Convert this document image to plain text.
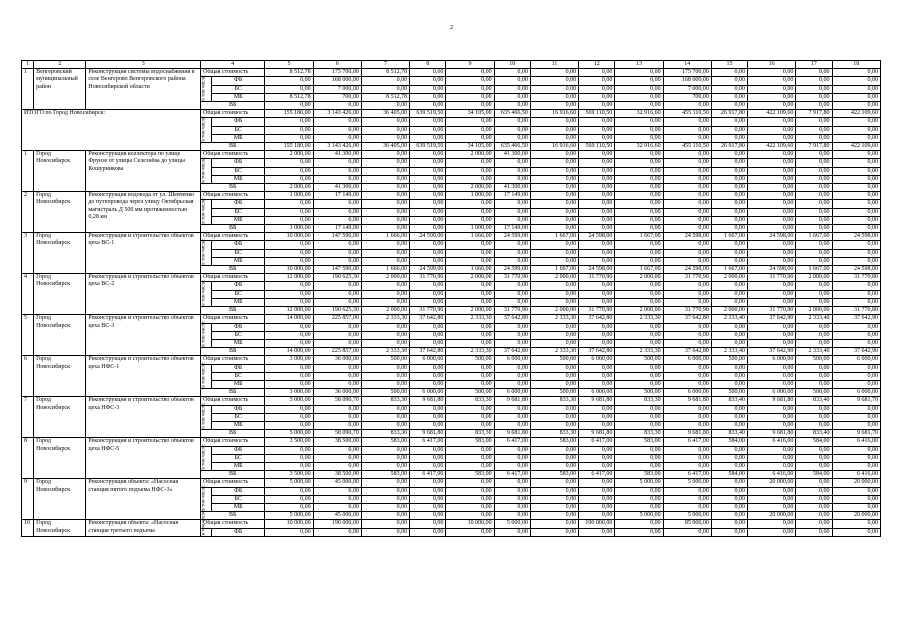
2
1	2	3	4		5	6	7	8	9	10	11	12	13	14	15	16	17	18
1	Венгеровский муниципальный район	Реконструкция системы водоснабжения в селе Венгерово Венгеровского района Новосибирской области	Общая стоимость		8 512,78	175 700,00	8 512,78	0,00	0,00	0,00	0,00	0,00	0,00	175 700,00	0,00	0,00	0,00	0,00
			в том числе:	ФБ	0,00	168 000,00	0,00	0,00	0,00	0,00	0,00	0,00	0,00	168 000,00	0,00	0,00	0,00	0,00
				БС	0,00	7 000,00	0,00	0,00	0,00	0,00	0,00	0,00	0,00	7 000,00	0,00	0,00	0,00	0,00
				МБ	8 512,78	700,00	8 512,78	0,00	0,00	0,00	0,00	0,00	0,00	700,00	0,00	0,00	0,00	0,00
			ВБ		0,00	0,00	0,00	0,00	0,00	0,00	0,00	0,00	0,00	0,00	0,00	0,00	0,00	0,00
ИТОГО по Город Новосибирск:			Общая стоимость		155 180,00	3 143 426,00	36 405,00	639 519,50	34 105,00	635 466,50	16 916,60	569 110,50	32 916,60	455 110,50	26 917,80	422 109,60	7 917,80	422 109,60
			в том числе:	ФБ	0,00	0,00	0,00	0,00	0,00	0,00	0,00	0,00	0,00	0,00	0,00	0,00	0,00	0,00
				БС	0,00	0,00	0,00	0,00	0,00	0,00	0,00	0,00	0,00	0,00	0,00	0,00	0,00	0,00
				МБ	0,00	0,00	0,00	0,00	0,00	0,00	0,00	0,00	0,00	0,00	0,00	0,00	0,00	0,00
			ВБ		155 180,00	3 143 426,00	36 405,00	639 519,50	34 105,00	635 466,50	16 916,60	569 110,50	32 916,60	455 110,50	26 917,80	422 109,60	7 917,80	422 109,60
1	Город Новосибирск	Реконструкция коллектора по улице Фрунзе от улицы Селезнёва до улицы Кошурникова	Общая стоимость		2 000,00	41 300,00	0,00	0,00	2 000,00	41 300,00	0,00	0,00	0,00	0,00	0,00	0,00	0,00	0,00
			в том числе:	ФБ	0,00	0,00	0,00	0,00	0,00	0,00	0,00	0,00	0,00	0,00	0,00	0,00	0,00	0,00
				БС	0,00	0,00	0,00	0,00	0,00	0,00	0,00	0,00	0,00	0,00	0,00	0,00	0,00	0,00
				МБ	0,00	0,00	0,00	0,00	0,00	0,00	0,00	0,00	0,00	0,00	0,00	0,00	0,00	0,00
			ВБ		2 000,00	41 300,00	0,00	0,00	2 000,00	41 300,00	0,00	0,00	0,00	0,00	0,00	0,00	0,00	0,00
2	Город Новосибирск	Реконструкция водовода от ул. Шевченко до путепровода через улицу Октябрьская магистраль Д 500 мм протяженностью 0,28 км	Общая стоимость		1 000,00	17 149,00	0,00	0,00	1 000,00	17 149,00	0,00	0,00	0,00	0,00	0,00	0,00	0,00	0,00
			в том числе:	ФБ	0,00	0,00	0,00	0,00	0,00	0,00	0,00	0,00	0,00	0,00	0,00	0,00	0,00	0,00
				БС	0,00	0,00	0,00	0,00	0,00	0,00	0,00	0,00	0,00	0,00	0,00	0,00	0,00	0,00
				МБ	0,00	0,00	0,00	0,00	0,00	0,00	0,00	0,00	0,00	0,00	0,00	0,00	0,00	0,00
			ВБ		1 000,00	17 149,00	0,00	0,00	1 000,00	17 149,00	0,00	0,00	0,00	0,00	0,00	0,00	0,00	0,00
3	Город Новосибирск	Реконструкция и строительство объектов цеха ВС-1	Общая стоимость		10 000,00	147 590,00	1 666,00	24 599,00	1 666,00	24 599,00	1 667,00	24 598,00	1 667,00	24 598,00	1 667,00	24 598,00	1 667,00	24 598,00
			в том числе:	ФБ	0,00	0,00	0,00	0,00	0,00	0,00	0,00	0,00	0,00	0,00	0,00	0,00	0,00	0,00
				БС	0,00	0,00	0,00	0,00	0,00	0,00	0,00	0,00	0,00	0,00	0,00	0,00	0,00	0,00
				МБ	0,00	0,00	0,00	0,00	0,00	0,00	0,00	0,00	0,00	0,00	0,00	0,00	0,00	0,00
			ВБ		10 000,00	147 590,00	1 666,00	24 599,00	1 666,00	24 599,00	1 667,00	24 598,00	1 667,00	24 598,00	1 667,00	24 598,00	1 667,00	24 598,00
4	Город Новосибирск	Реконструкция и строительство объектов цеха ВС-2	Общая стоимость		12 000,00	190 625,30	2 000,00	31 770,90	2 000,00	31 770,90	2 000,00	31 770,90	2 000,00	31 770,90	2 000,00	31 770,90	2 000,00	31 770,80
			в том числе:	ФБ	0,00	0,00	0,00	0,00	0,00	0,00	0,00	0,00	0,00	0,00	0,00	0,00	0,00	0,00
				БС	0,00	0,00	0,00	0,00	0,00	0,00	0,00	0,00	0,00	0,00	0,00	0,00	0,00	0,00
				МБ	0,00	0,00	0,00	0,00	0,00	0,00	0,00	0,00	0,00	0,00	0,00	0,00	0,00	0,00
			ВБ		12 000,00	190 625,30	2 000,00	31 770,90	2 000,00	31 770,90	2 000,00	31 770,90	2 000,00	31 770,90	2 000,00	31 770,90	2 000,00	31 770,80
5	Город Новосибирск	Реконструкция и строительство объектов цеха ВС-3	Общая стоимость		14 000,00	225 857,00	2 333,30	37 642,80	2 333,30	37 642,80	2 333,30	37 642,80	2 333,30	37 642,80	2 333,40	37 642,90	2 333,40	37 642,90
			в том числе:	ФБ	0,00	0,00	0,00	0,00	0,00	0,00	0,00	0,00	0,00	0,00	0,00	0,00	0,00	0,00
				БС	0,00	0,00	0,00	0,00	0,00	0,00	0,00	0,00	0,00	0,00	0,00	0,00	0,00	0,00
				МБ	0,00	0,00	0,00	0,00	0,00	0,00	0,00	0,00	0,00	0,00	0,00	0,00	0,00	0,00
			ВБ		14 000,00	225 857,00	2 333,30	37 642,80	2 333,30	37 642,80	2 333,30	37 642,80	2 333,30	37 642,80	2 333,40	37 642,90	2 333,40	37 642,90
6	Город Новосибирск	Реконструкция и строительство объектов цеха НФС-1	Общая стоимость		3 000,00	36 000,00	500,00	6 000,00	500,00	6 000,00	500,00	6 000,00	500,00	6 000,00	500,00	6 000,00	500,00	6 000,00
			в том числе:	ФБ	0,00	0,00	0,00	0,00	0,00	0,00	0,00	0,00	0,00	0,00	0,00	0,00	0,00	0,00
				БС	0,00	0,00	0,00	0,00	0,00	0,00	0,00	0,00	0,00	0,00	0,00	0,00	0,00	0,00
				МБ	0,00	0,00	0,00	0,00	0,00	0,00	0,00	0,00	0,00	0,00	0,00	0,00	0,00	0,00
			ВБ		3 000,00	36 000,00	500,00	6 000,00	500,00	6 000,00	500,00	6 000,00	500,00	6 000,00	500,00	6 000,00	500,00	6 000,00
7	Город Новосибирск	Реконструкция и строительство объектов цеха НФС-3	Общая стоимость		5 000,00	58 090,70	833,30	9 681,80	833,30	9 681,80	833,30	9 681,80	833,30	9 681,80	833,40	9 681,80	833,40	9 681,70
			в том числе:	ФБ	0,00	0,00	0,00	0,00	0,00	0,00	0,00	0,00	0,00	0,00	0,00	0,00	0,00	0,00
				БС	0,00	0,00	0,00	0,00	0,00	0,00	0,00	0,00	0,00	0,00	0,00	0,00	0,00	0,00
				МБ	0,00	0,00	0,00	0,00	0,00	0,00	0,00	0,00	0,00	0,00	0,00	0,00	0,00	0,00
			ВБ		5 000,00	58 090,70	833,30	9 681,80	833,30	9 681,80	833,30	9 681,80	833,30	9 681,80	833,40	9 681,80	833,40	9 681,70
8	Город Новосибирск	Реконструкция и строительство объектов цеха НФС-5	Общая стоимость		3 500,00	38 500,00	583,00	6 417,00	583,00	6 417,00	583,00	6 417,00	583,00	6 417,00	584,00	6 416,00	584,00	6 416,00
			в том числе:	ФБ	0,00	0,00	0,00	0,00	0,00	0,00	0,00	0,00	0,00	0,00	0,00	0,00	0,00	0,00
				БС	0,00	0,00	0,00	0,00	0,00	0,00	0,00	0,00	0,00	0,00	0,00	0,00	0,00	0,00
				МБ	0,00	0,00	0,00	0,00	0,00	0,00	0,00	0,00	0,00	0,00	0,00	0,00	0,00	0,00
			ВБ		3 500,00	38 500,00	583,00	6 417,00	583,00	6 417,00	583,00	6 417,00	583,00	6 417,00	584,00	6 416,00	584,00	6 416,00
9	Город Новосибирск	Реконструкция объекта: «Насосная станция пятого подъема НФС-3»	Общая стоимость		5 000,00	45 000,00	0,00	0,00	0,00	0,00	0,00	0,00	5 000,00	5 000,00	0,00	20 000,00	0,00	20 000,00
			в том числе:	ФБ	0,00	0,00	0,00	0,00	0,00	0,00	0,00	0,00	0,00	0,00	0,00	0,00	0,00	0,00
				БС	0,00	0,00	0,00	0,00	0,00	0,00	0,00	0,00	0,00	0,00	0,00	0,00	0,00	0,00
				МБ	0,00	0,00	0,00	0,00	0,00	0,00	0,00	0,00	0,00	0,00	0,00	0,00	0,00	0,00
			ВБ		5 000,00	45 000,00	0,00	0,00	0,00	0,00	0,00	0,00	5 000,00	5 000,00	0,00	20 000,00	0,00	20 000,00
10	Город Новосибирск	Реконструкция объекта: «Насосная станция третьего подъема	Общая стоимость		10 000,00	190 000,00	0,00	0,00	10 000,00	5 000,00	0,00	100 000,00	0,00	85 000,00	0,00	0,00	0,00	0,00
			в том числе:	ФБ	0,00	0,00	0,00	0,00	0,00	0,00	0,00	0,00	0,00	0,00	0,00	0,00	0,00	0,00
